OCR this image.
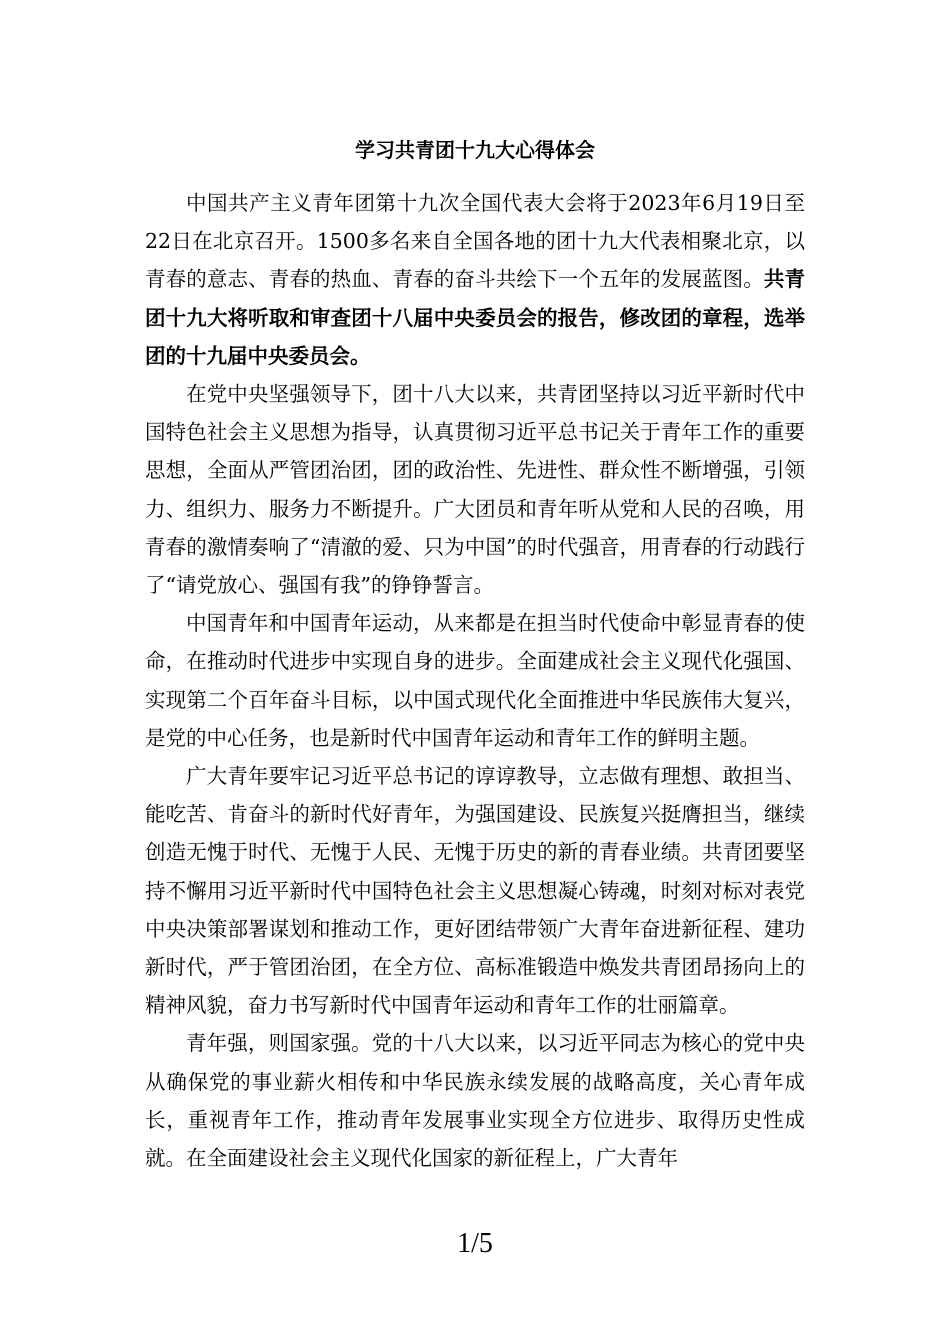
学习共青团十九大心得体会

中国共产主义青年团第十九次全国代表大会将于2023年6月19日至22日在北京召开。1500多名来自全国各地的团十九大代表相聚北京，以青春的意志、青春的热血、青春的奋斗共绘下一个五年的发展蓝图。共青团十九大将听取和审查团十八届中央委员会的报告，修改团的章程，选举团的十九届中央委员会。

在党中央坚强领导下，团十八大以来，共青团坚持以习近平新时代中国特色社会主义思想为指导，认真贯彻习近平总书记关于青年工作的重要思想，全面从严管团治团，团的政治性、先进性、群众性不断增强，引领力、组织力、服务力不断提升。广大团员和青年听从党和人民的召唤，用青春的激情奏响了“清澈的爱、只为中国”的时代强音，用青春的行动践行了“请党放心、强国有我”的铮铮誓言。

中国青年和中国青年运动，从来都是在担当时代使命中彰显青春的使命，在推动时代进步中实现自身的进步。全面建成社会主义现代化强国、实现第二个百年奋斗目标，以中国式现代化全面推进中华民族伟大复兴，是党的中心任务，也是新时代中国青年运动和青年工作的鲜明主题。

广大青年要牢记习近平总书记的谆谆教导，立志做有理想、敢担当、能吃苦、肯奋斗的新时代好青年，为强国建设、民族复兴挺膺担当，继续创造无愧于时代、无愧于人民、无愧于历史的新的青春业绩。共青团要坚持不懈用习近平新时代中国特色社会主义思想凝心铸魂，时刻对标对表党中央决策部署谋划和推动工作，更好团结带领广大青年奋进新征程、建功新时代，严于管团治团，在全方位、高标准锻造中焕发共青团昂扬向上的精神风貌，奋力书写新时代中国青年运动和青年工作的壮丽篇章。

青年强，则国家强。党的十八大以来，以习近平同志为核心的党中央从确保党的事业薪火相传和中华民族永续发展的战略高度，关心青年成长，重视青年工作，推动青年发展事业实现全方位进步、取得历史性成就。在全面建设社会主义现代化国家的新征程上，广大青年

1/5
